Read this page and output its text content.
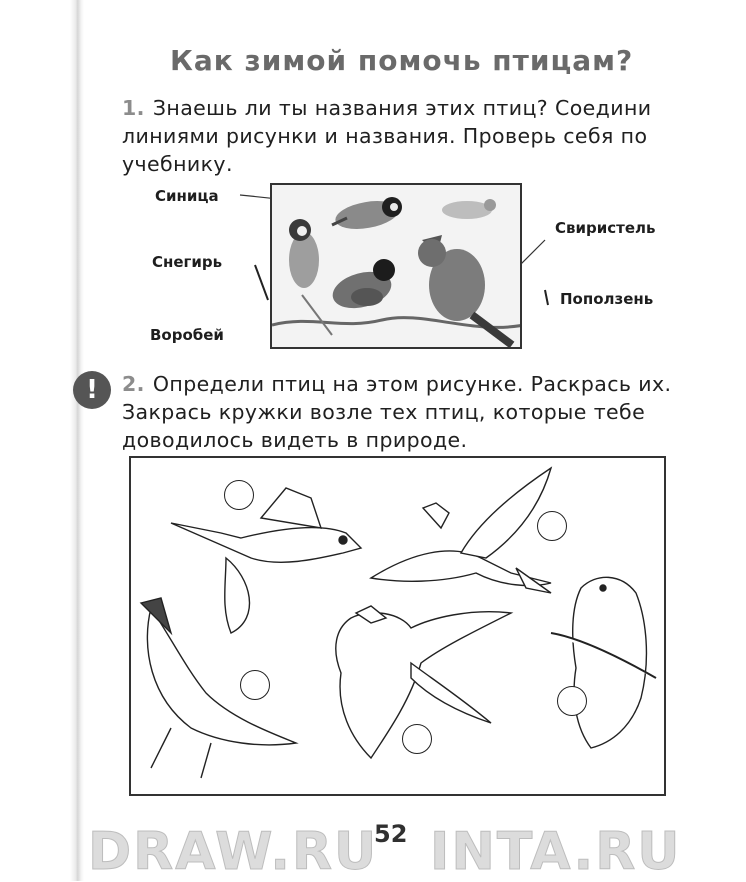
Как зимой помочь птицам?
1. Знаешь ли ты названия этих птиц? Соедини линиями рисунки и названия. Проверь себя по учебнику.
Синица
Снегирь
Воробей
Свиристель
Поползень
!	2. Определи птиц на этом рисунке. Раскрась их. Закрась кружки возле тех птиц, которые тебе доводилось видеть в природе.
DRAW.RU INTA.RU
52
